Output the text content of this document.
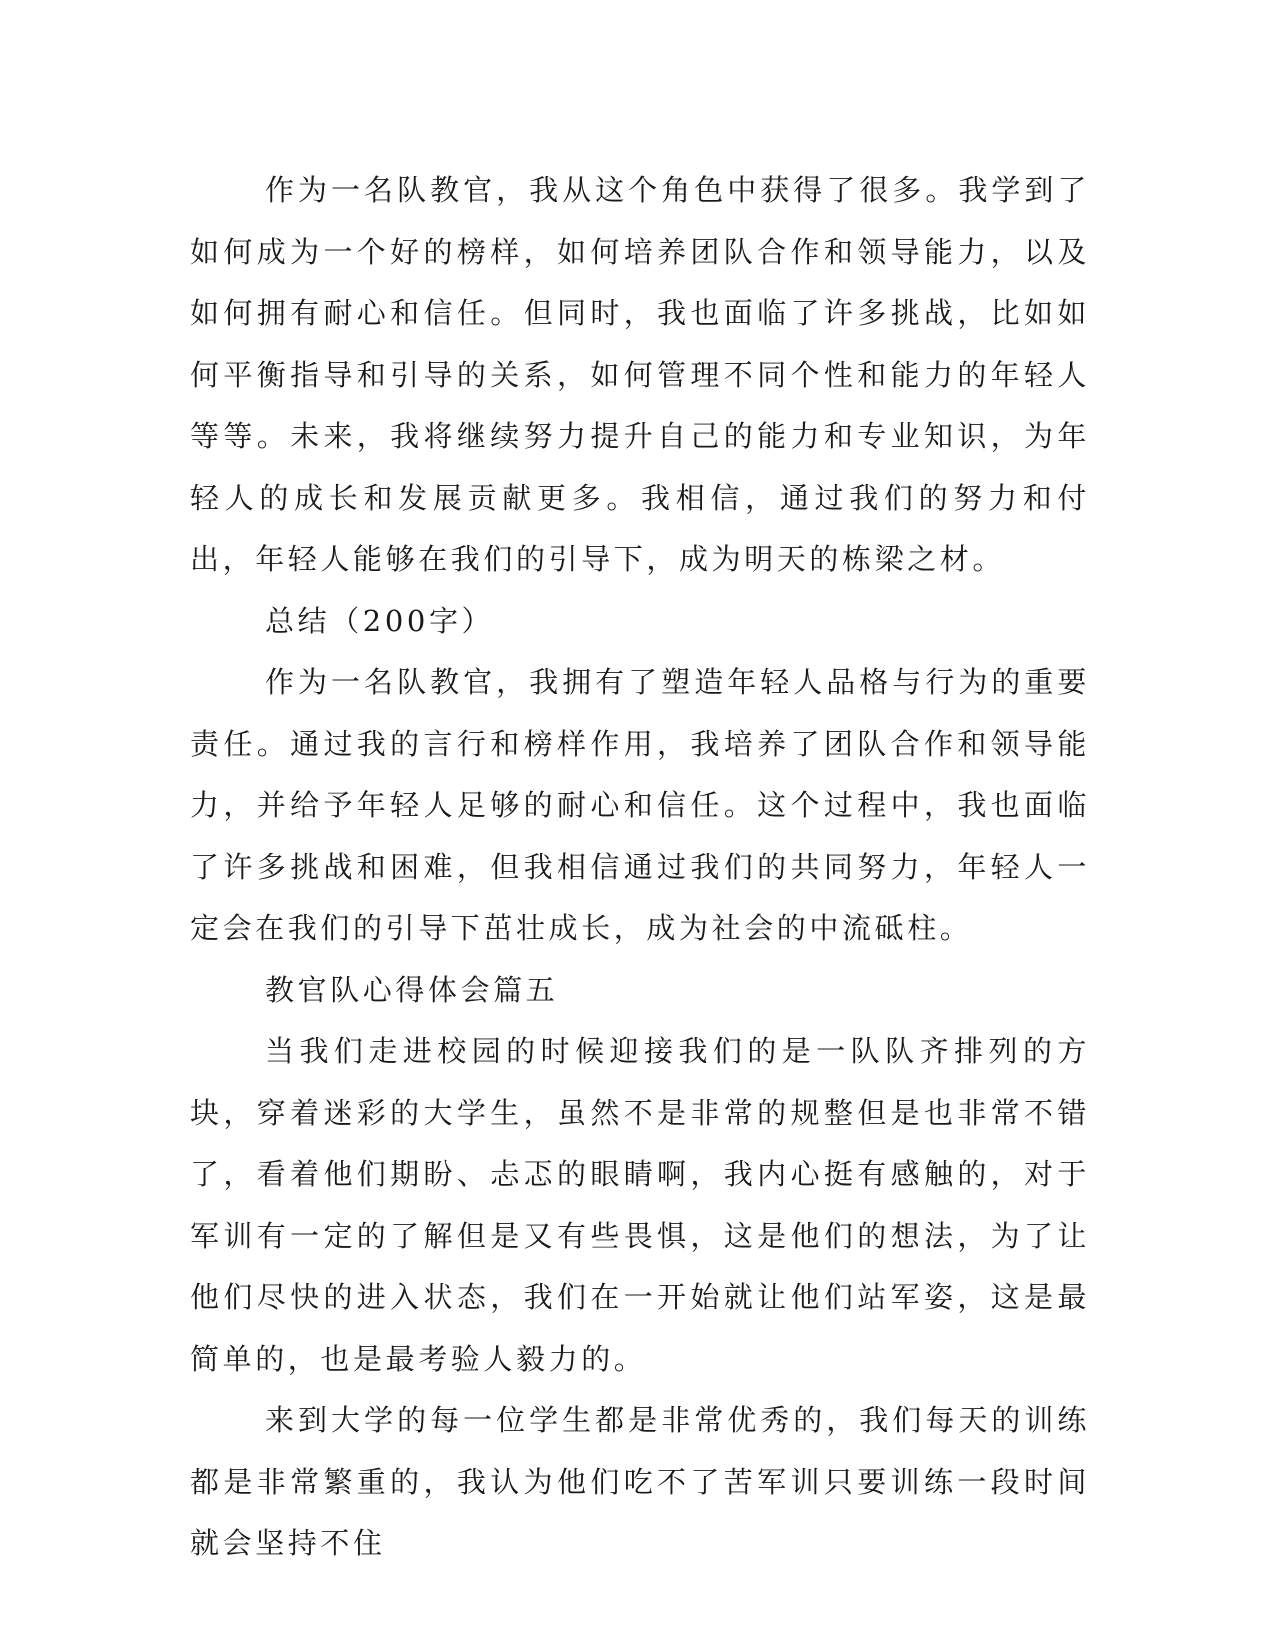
作为一名队教官，我从这个角色中获得了很多。我学到了如何成为一个好的榜样，如何培养团队合作和领导能力，以及如何拥有耐心和信任。但同时，我也面临了许多挑战，比如如何平衡指导和引导的关系，如何管理不同个性和能力的年轻人等等。未来，我将继续努力提升自己的能力和专业知识，为年轻人的成长和发展贡献更多。我相信，通过我们的努力和付出，年轻人能够在我们的引导下，成为明天的栋梁之材。

总结（200字）

作为一名队教官，我拥有了塑造年轻人品格与行为的重要责任。通过我的言行和榜样作用，我培养了团队合作和领导能力，并给予年轻人足够的耐心和信任。这个过程中，我也面临了许多挑战和困难，但我相信通过我们的共同努力，年轻人一定会在我们的引导下茁壮成长，成为社会的中流砥柱。

教官队心得体会篇五

当我们走进校园的时候迎接我们的是一队队齐排列的方块，穿着迷彩的大学生，虽然不是非常的规整但是也非常不错了，看着他们期盼、忐忑的眼睛啊，我内心挺有感触的，对于军训有一定的了解但是又有些畏惧，这是他们的想法，为了让他们尽快的进入状态，我们在一开始就让他们站军姿，这是最简单的，也是最考验人毅力的。

来到大学的每一位学生都是非常优秀的，我们每天的训练都是非常繁重的，我认为他们吃不了苦军训只要训练一段时间就会坚持不住
